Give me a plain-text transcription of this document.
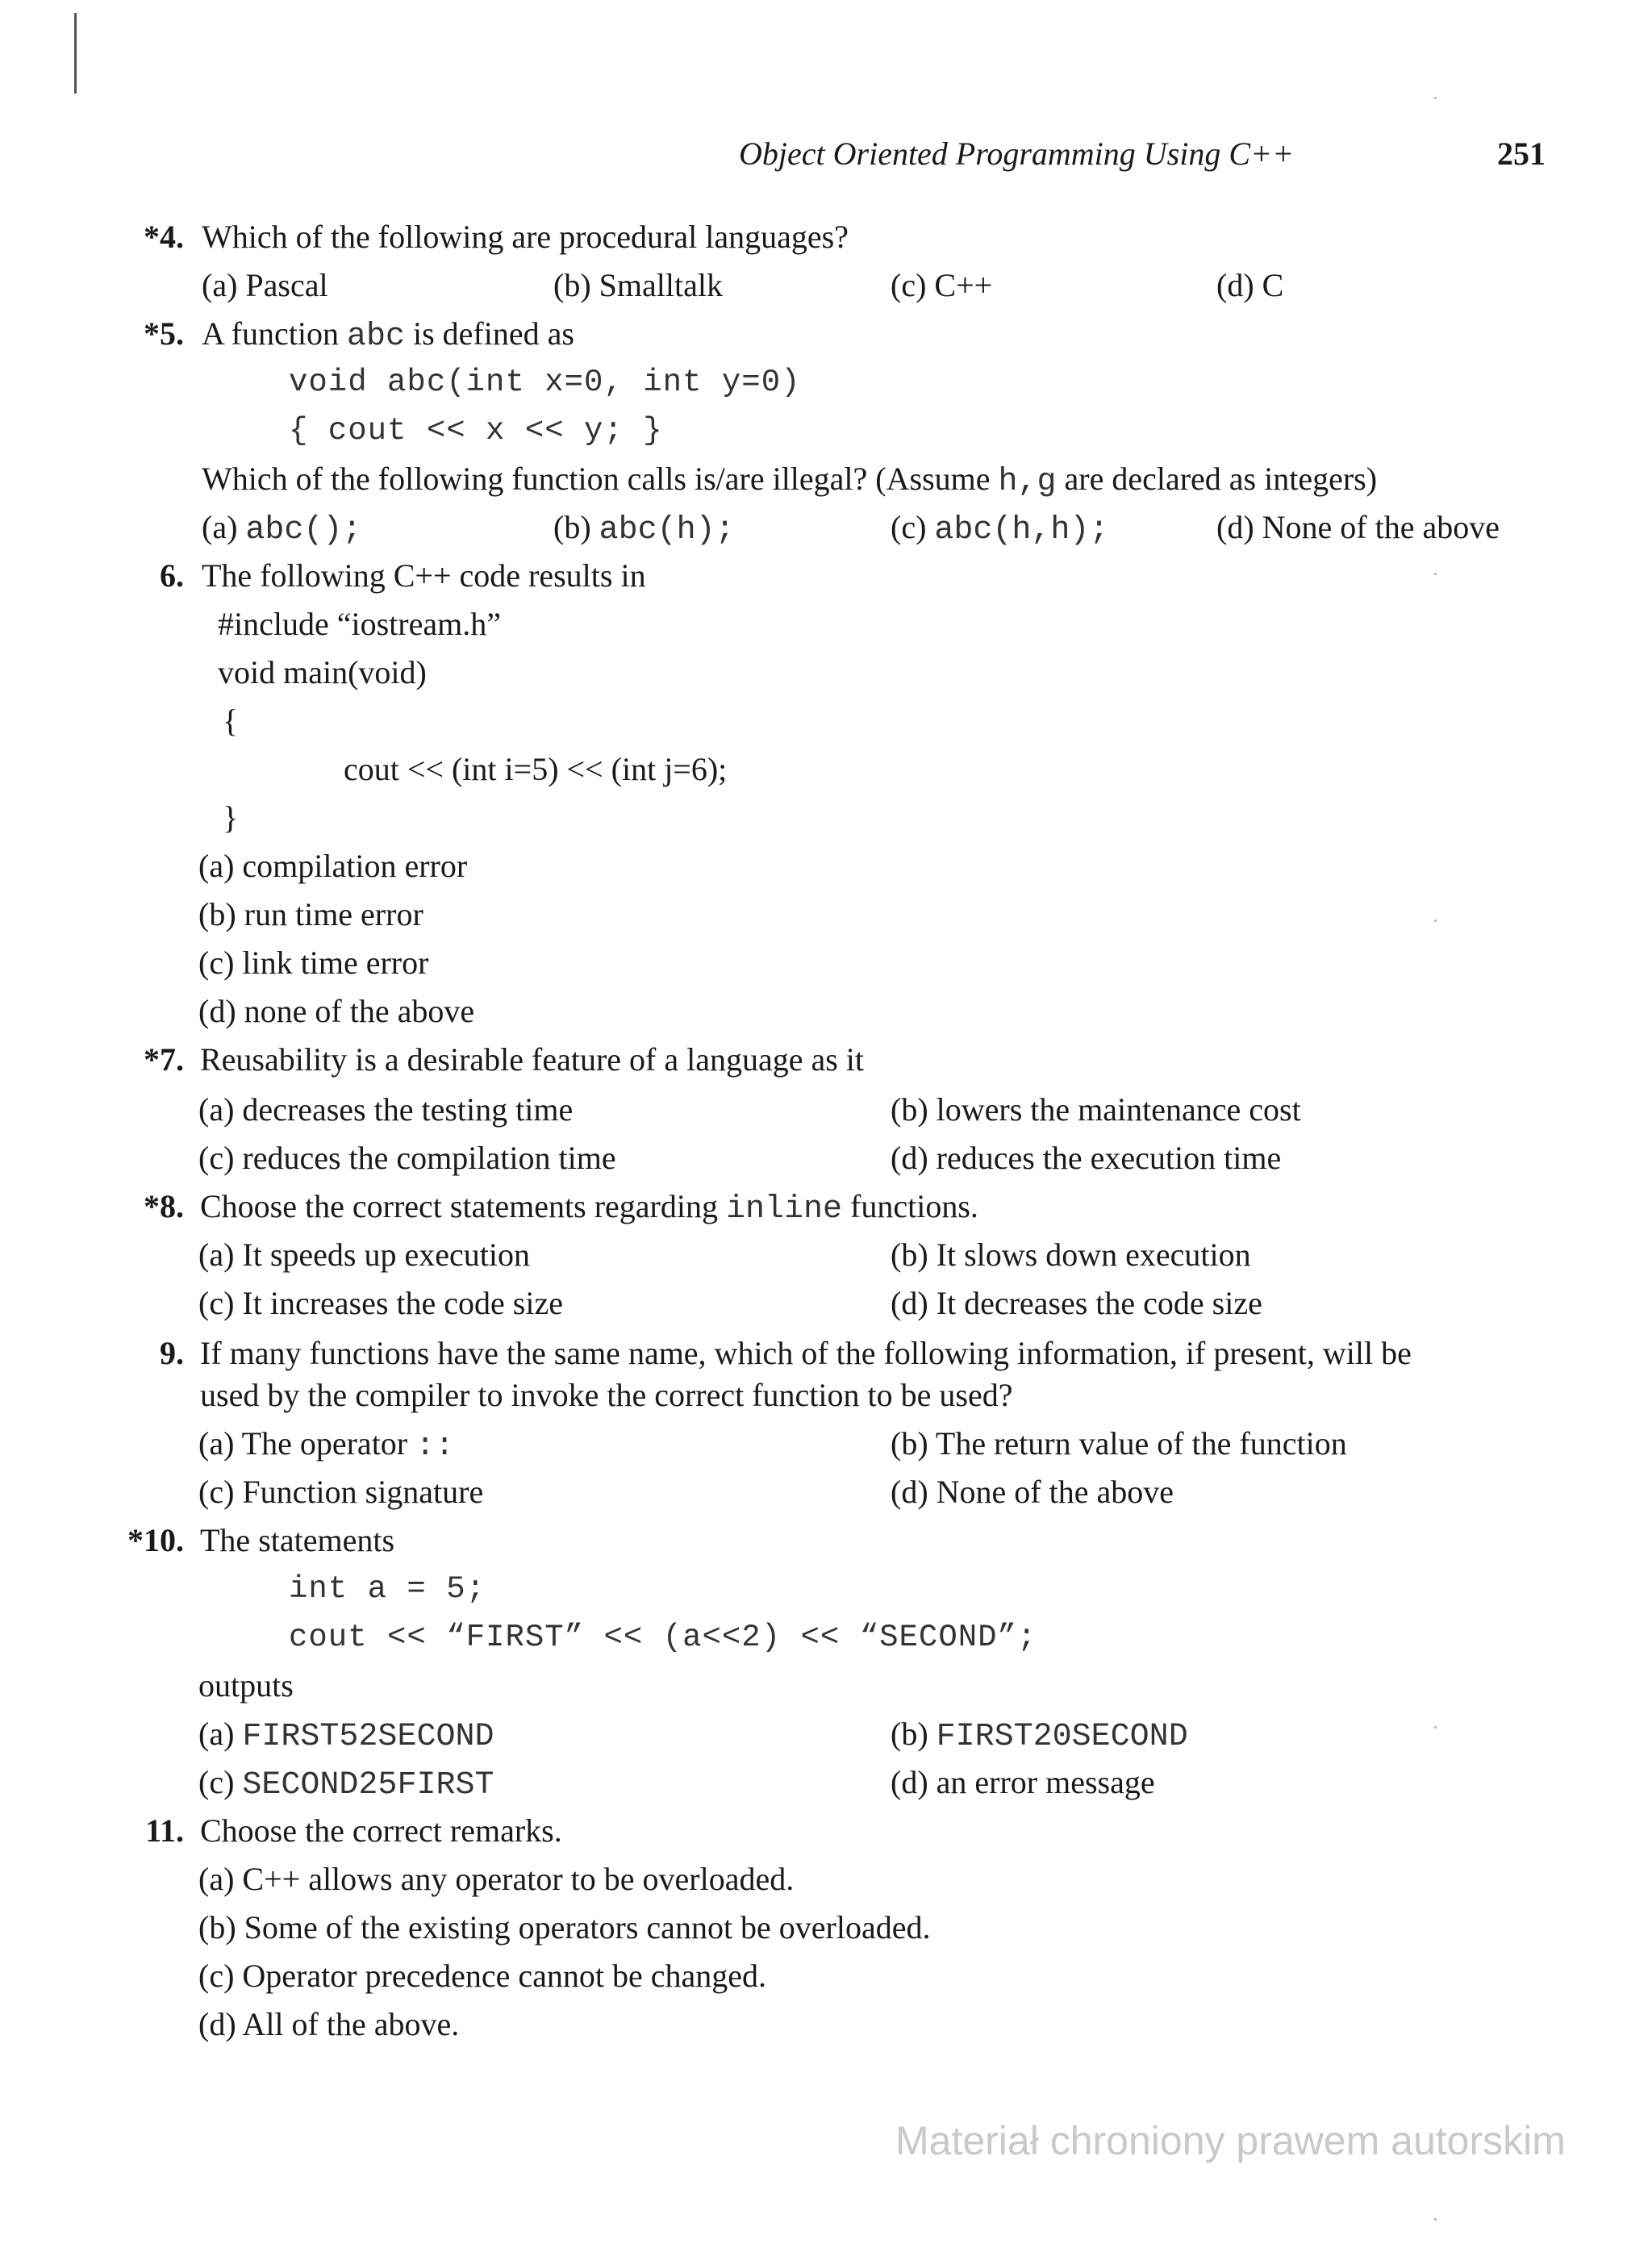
Object Oriented Programming Using C++	251
*4. Which of the following are procedural languages?
(a) Pascal	(b) Smalltalk	(c) C++	(d) C
*5. A function abc is defined as
void abc(int x=0, int y=0)
{ cout << x << y; }
Which of the following function calls is/are illegal? (Assume h,g are declared as integers)
(a) abc();	(b) abc(h);	(c) abc(h,h);	(d) None of the above
6. The following C++ code results in
#include “iostream.h”
void main(void)
{
cout << (int i=5) << (int j=6);
}
(a) compilation error
(b) run time error
(c) link time error
(d) none of the above
*7. Reusability is a desirable feature of a language as it
(a) decreases the testing time	(b) lowers the maintenance cost
(c) reduces the compilation time	(d) reduces the execution time
*8. Choose the correct statements regarding inline functions.
(a) It speeds up execution	(b) It slows down execution
(c) It increases the code size	(d) It decreases the code size
9. If many functions have the same name, which of the following information, if present, will be
used by the compiler to invoke the correct function to be used?
(a) The operator ::	(b) The return value of the function
(c) Function signature	(d) None of the above
*10. The statements
int a = 5;
cout << “FIRST” << (a<<2) << “SECOND”;
outputs
(a) FIRST52SECOND	(b) FIRST20SECOND
(c) SECOND25FIRST	(d) an error message
11. Choose the correct remarks.
(a) C++ allows any operator to be overloaded.
(b) Some of the existing operators cannot be overloaded.
(c) Operator precedence cannot be changed.
(d) All of the above.
Materiał chroniony prawem autorskim
